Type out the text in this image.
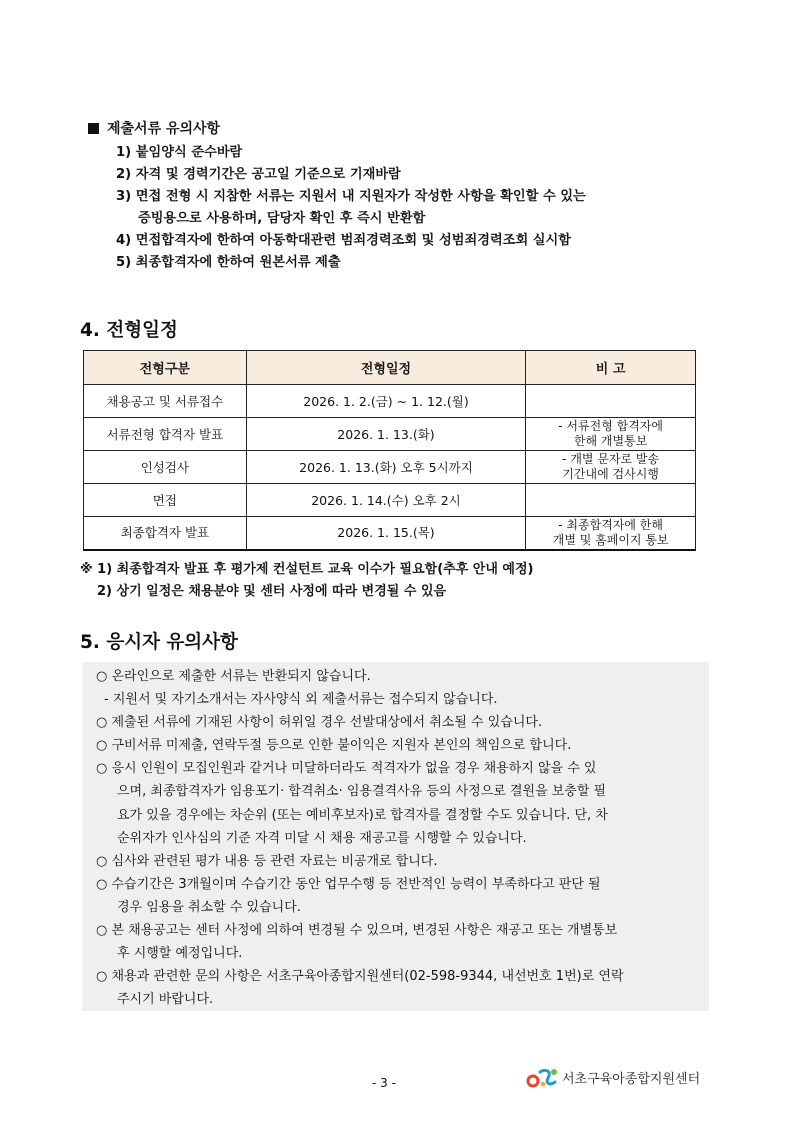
제출서류 유의사항
1) 붙임양식 준수바람
2) 자격 및 경력기간은 공고일 기준으로 기재바람
3) 면접 전형 시 지참한 서류는 지원서 내 지원자가 작성한 사항을 확인할 수 있는
증빙용으로 사용하며, 담당자 확인 후 즉시 반환함
4) 면접합격자에 한하여 아동학대관련 범죄경력조회 및 성범죄경력조회 실시함
5) 최종합격자에 한하여 원본서류 제출
4. 전형일정
전형구분	전형일정	비 고
채용공고 및 서류접수	2026. 1. 2.(금) ~ 1. 12.(월)	
서류전형 합격자 발표	2026. 1. 13.(화)	- 서류전형 합격자에
한해 개별통보

인성검사	2026. 1. 13.(화) 오후 5시까지	- 개별 문자로 발송
기간내에 검사시행

면접	2026. 1. 14.(수) 오후 2시	
최종합격자 발표	2026. 1. 15.(목)	- 최종합격자에 한해
개별 및 홈페이지 통보
※ 1) 최종합격자 발표 후 평가제 컨설턴트 교육 이수가 필요함(추후 안내 예정)
2) 상기 일정은 채용분야 및 센터 사정에 따라 변경될 수 있음
5. 응시자 유의사항
○ 온라인으로 제출한 서류는 반환되지 않습니다.
- 지원서 및 자기소개서는 자사양식 외 제출서류는 접수되지 않습니다.
○ 제출된 서류에 기재된 사항이 허위일 경우 선발대상에서 취소될 수 있습니다.
○ 구비서류 미제출, 연락두절 등으로 인한 불이익은 지원자 본인의 책임으로 합니다.
○ 응시 인원이 모집인원과 같거나 미달하더라도 적격자가 없을 경우 채용하지 않을 수 있
으며, 최종합격자가 임용포기· 합격취소· 임용결격사유 등의 사정으로 결원을 보충할 필
요가 있을 경우에는 차순위 (또는 예비후보자)로 합격자를 결정할 수도 있습니다. 단, 차
순위자가 인사심의 기준 자격 미달 시 채용 재공고를 시행할 수 있습니다.
○ 심사와 관련된 평가 내용 등 관련 자료는 비공개로 합니다.
○ 수습기간은 3개월이며 수습기간 동안 업무수행 등 전반적인 능력이 부족하다고 판단 될
경우 임용을 취소할 수 있습니다.
○ 본 채용공고는 센터 사정에 의하여 변경될 수 있으며, 변경된 사항은 재공고 또는 개별통보
후 시행할 예정입니다.
○ 채용과 관련한 문의 사항은 서초구육아종합지원센터(02-598-9344, 내선번호 1번)로 연락
주시기 바랍니다.
- 3 -	서초구육아종합지원센터
